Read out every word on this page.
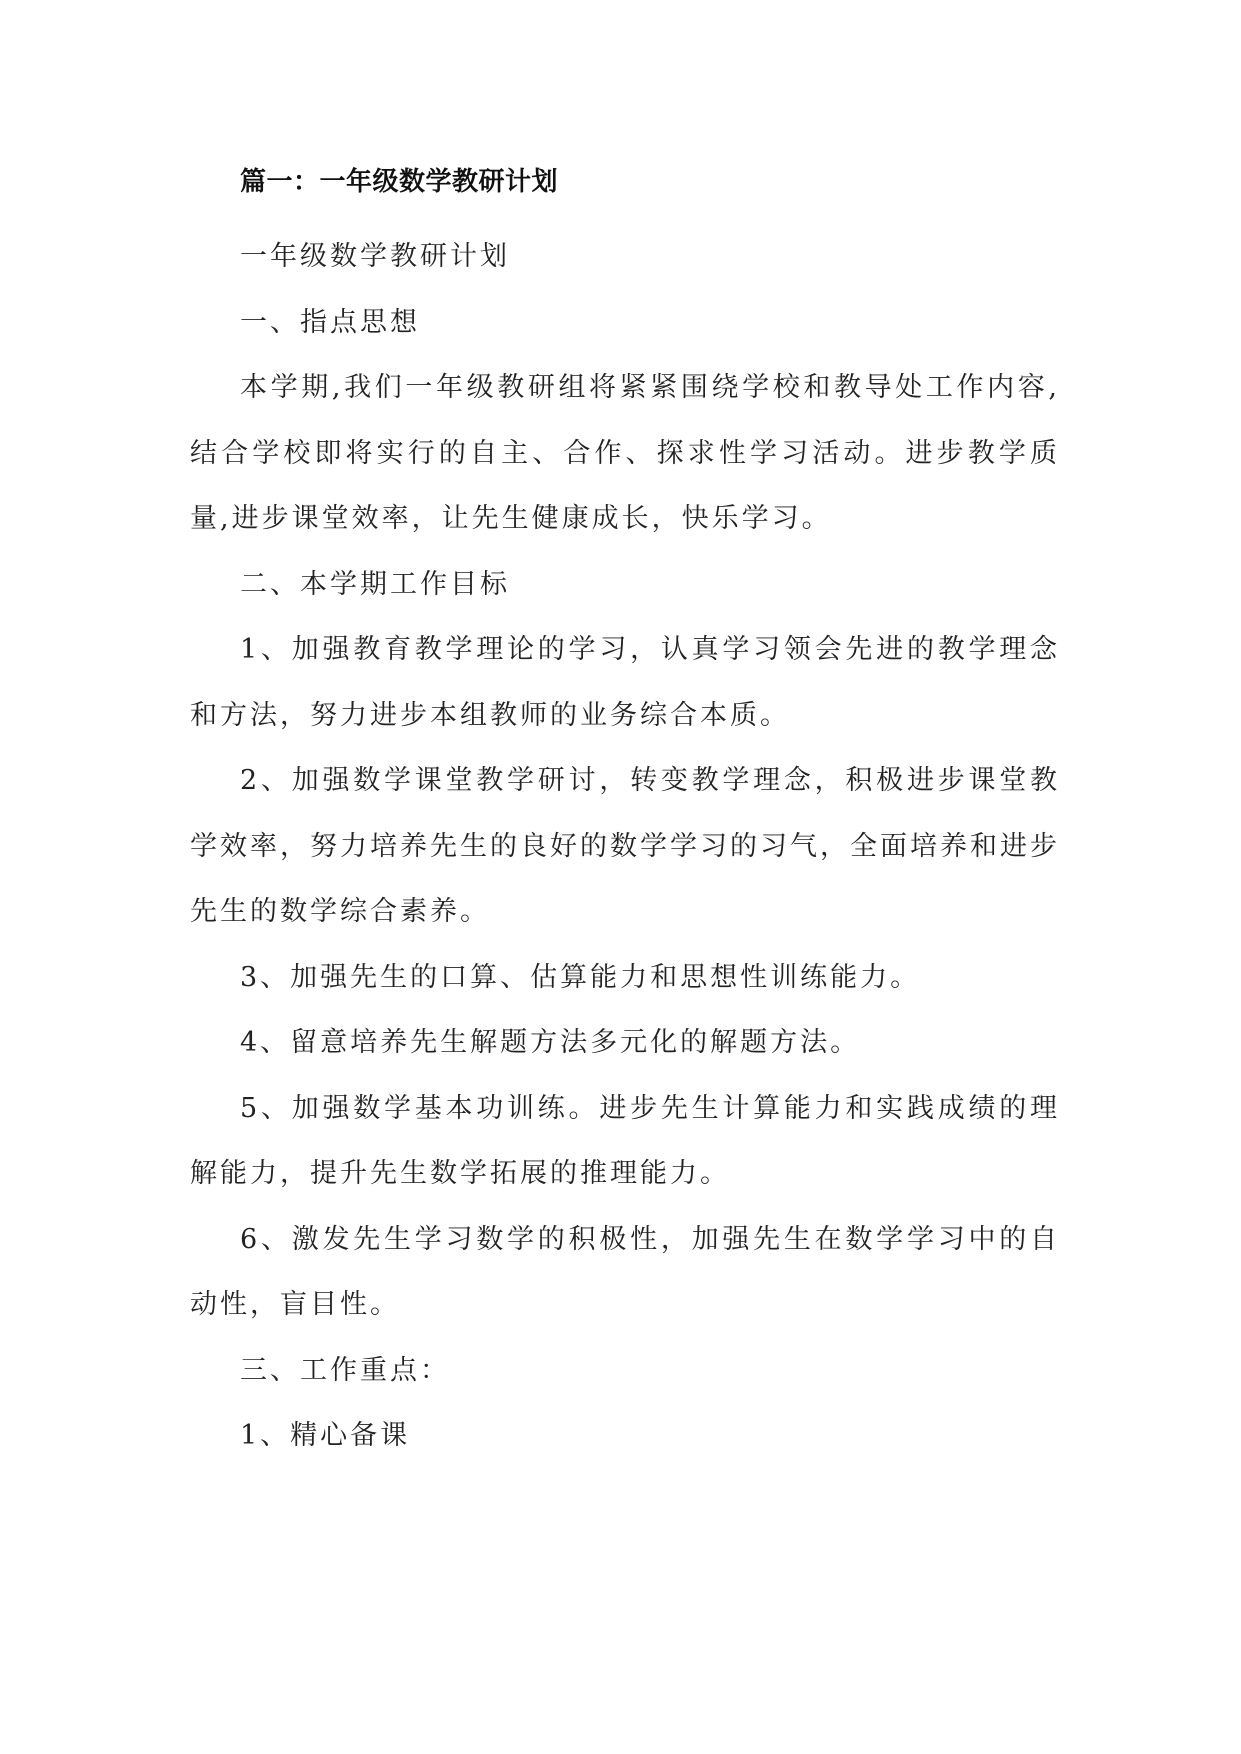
篇一：一年级数学教研计划

一年级数学教研计划

一、指点思想

本学期,我们一年级教研组将紧紧围绕学校和教导处工作内容,结合学校即将实行的自主、合作、探求性学习活动。进步教学质量,进步课堂效率，让先生健康成长，快乐学习。

二、本学期工作目标

1、加强教育教学理论的学习，认真学习领会先进的教学理念和方法，努力进步本组教师的业务综合本质。

2、加强数学课堂教学研讨，转变教学理念，积极进步课堂教学效率，努力培养先生的良好的数学学习的习气，全面培养和进步先生的数学综合素养。

3、加强先生的口算、估算能力和思想性训练能力。

4、留意培养先生解题方法多元化的解题方法。

5、加强数学基本功训练。进步先生计算能力和实践成绩的理解能力，提升先生数学拓展的推理能力。

6、激发先生学习数学的积极性，加强先生在数学学习中的自动性，盲目性。

三、工作重点：

1、精心备课
